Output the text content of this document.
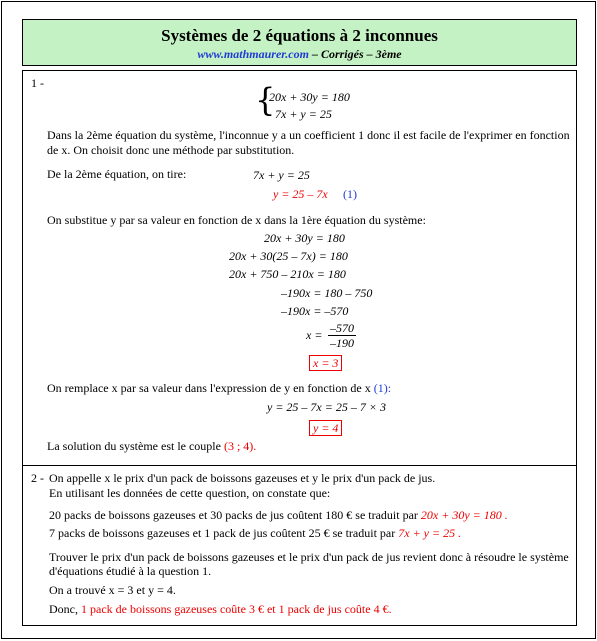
Systèmes de 2 équations à 2 inconnues
www.mathmaurer.com – Corrigés – 3ème
1 -	{
20x + 30y = 180
7x + y = 25
Dans la 2ème équation du système, l'inconnue y a un coefficient 1 donc il est facile de l'exprimer en fonction
de x. On choisit donc une méthode par substitution.
De la 2ème équation, on tire:	7x + y = 25
y = 25 – 7x (1)
On substitue y par sa valeur en fonction de x dans la 1ère équation du système:
20x + 30y = 180
20x + 30(25 – 7x) = 180
20x + 750 – 210x = 180
–190x = 180 – 750
–190x = –570
$x = \frac{-570}{-190}$
x = 3
On remplace x par sa valeur dans l'expression de y en fonction de x (1):
y = 25 – 7x = 25 – 7 × 3
y = 4
La solution du système est le couple (3 ; 4).
2 - On appelle x le prix d'un pack de boissons gazeuses et y le prix d'un pack de jus.
En utilisant les données de cette question, on constate que:
20 packs de boissons gazeuses et 30 packs de jus coûtent 180 € se traduit par 20x + 30y = 180 .
7 packs de boissons gazeuses et 1 pack de jus coûtent 25 € se traduit par 7x + y = 25 .
Trouver le prix d'un pack de boissons gazeuses et le prix d'un pack de jus revient donc à résoudre le système
d'équations étudié à la question 1.
On a trouvé x = 3 et y = 4.
Donc, 1 pack de boissons gazeuses coûte 3 € et 1 pack de jus coûte 4 €.
